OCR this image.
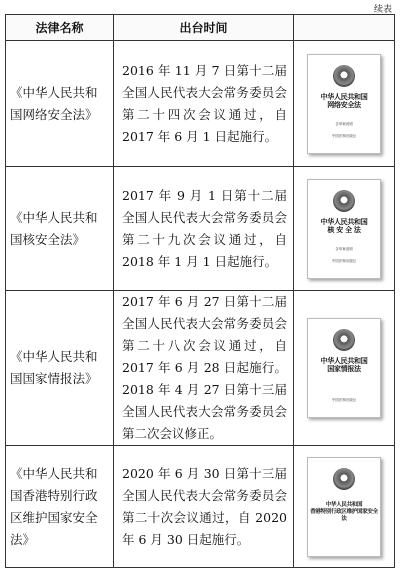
续表
法律名称	出台时间	
《中华人民共和国网络安全法》	2016 年 11 月 7 日第十二届全国人民代表大会常务委员会第二十四次会议通过，自 2017 年 6 月 1 日起施行。	中华人民共和国
网络安全法
含草案说明
中国法制出版社

《中华人民共和国核安全法》	2017 年 9 月 1 日第十二届全国人民代表大会常务委员会第二十九次会议通过，自 2018 年 1 月 1 日起施行。	中华人民共和国
核 安 全 法
含草案说明
中国法制出版社

《中华人民共和国国家情报法》	2017 年 6 月 27 日第十二届全国人民代表大会常务委员会第二十八次会议通过，自 2017 年 6 月 28 日起施行。2018 年 4 月 27 日第十三届全国人民代表大会常务委员会第二次会议修正。	中华人民共和国
国家情报法
中国法制出版社

《中华人民共和国香港特别行政区维护国家安全法》	2020 年 6 月 30 日第十三届全国人民代表大会常务委员会第二十次会议通过，自 2020 年 6 月 30 日起施行。	中华人民共和国
香港特别行政区维护国家安全法
